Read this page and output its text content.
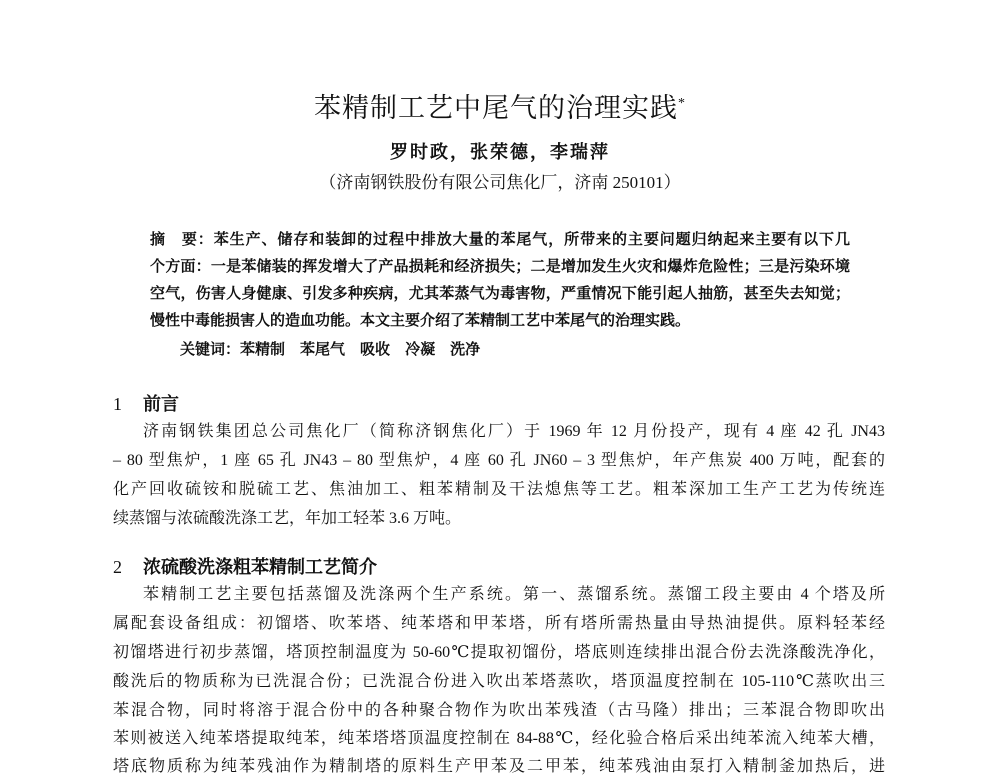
苯精制工艺中尾气的治理实践*
罗时政，张荣德，李瑞萍
（济南钢铁股份有限公司焦化厂，济南 250101）
摘　要：苯生产、储存和装卸的过程中排放大量的苯尾气，所带来的主要问题归纳起来主要有以下几
个方面：一是苯储装的挥发增大了产品损耗和经济损失；二是增加发生火灾和爆炸危险性；三是污染环境
空气，伤害人身健康、引发多种疾病，尤其苯蒸气为毒害物，严重情况下能引起人抽筋，甚至失去知觉；
慢性中毒能损害人的造血功能。本文主要介绍了苯精制工艺中苯尾气的治理实践。
关键词：苯精制  苯尾气  吸收  冷凝  洗净
1 前言
济南钢铁集团总公司焦化厂（简称济钢焦化厂）于 1969 年 12 月份投产，现有 4 座 42 孔 JN43
– 80 型焦炉，1 座 65 孔 JN43 – 80 型焦炉，4 座 60 孔 JN60 – 3 型焦炉，年产焦炭 400 万吨，配套的
化产回收硫铵和脱硫工艺、焦油加工、粗苯精制及干法熄焦等工艺。粗苯深加工生产工艺为传统连
续蒸馏与浓硫酸洗涤工艺，年加工轻苯 3.6 万吨。
2 浓硫酸洗涤粗苯精制工艺简介
苯精制工艺主要包括蒸馏及洗涤两个生产系统。第一、蒸馏系统。蒸馏工段主要由 4 个塔及所
属配套设备组成：初馏塔、吹苯塔、纯苯塔和甲苯塔，所有塔所需热量由导热油提供。原料轻苯经
初馏塔进行初步蒸馏，塔顶控制温度为 50-60℃提取初馏份，塔底则连续排出混合份去洗涤酸洗净化，
酸洗后的物质称为已洗混合份；已洗混合份进入吹出苯塔蒸吹，塔顶温度控制在 105-110℃蒸吹出三
苯混合物，同时将溶于混合份中的各种聚合物作为吹出苯残渣（古马隆）排出；三苯混合物即吹出
苯则被送入纯苯塔提取纯苯，纯苯塔塔顶温度控制在 84-88℃，经化验合格后采出纯苯流入纯苯大槽，
塔底物质称为纯苯残油作为精制塔的原料生产甲苯及二甲苯，纯苯残油由泵打入精制釜加热后，进
